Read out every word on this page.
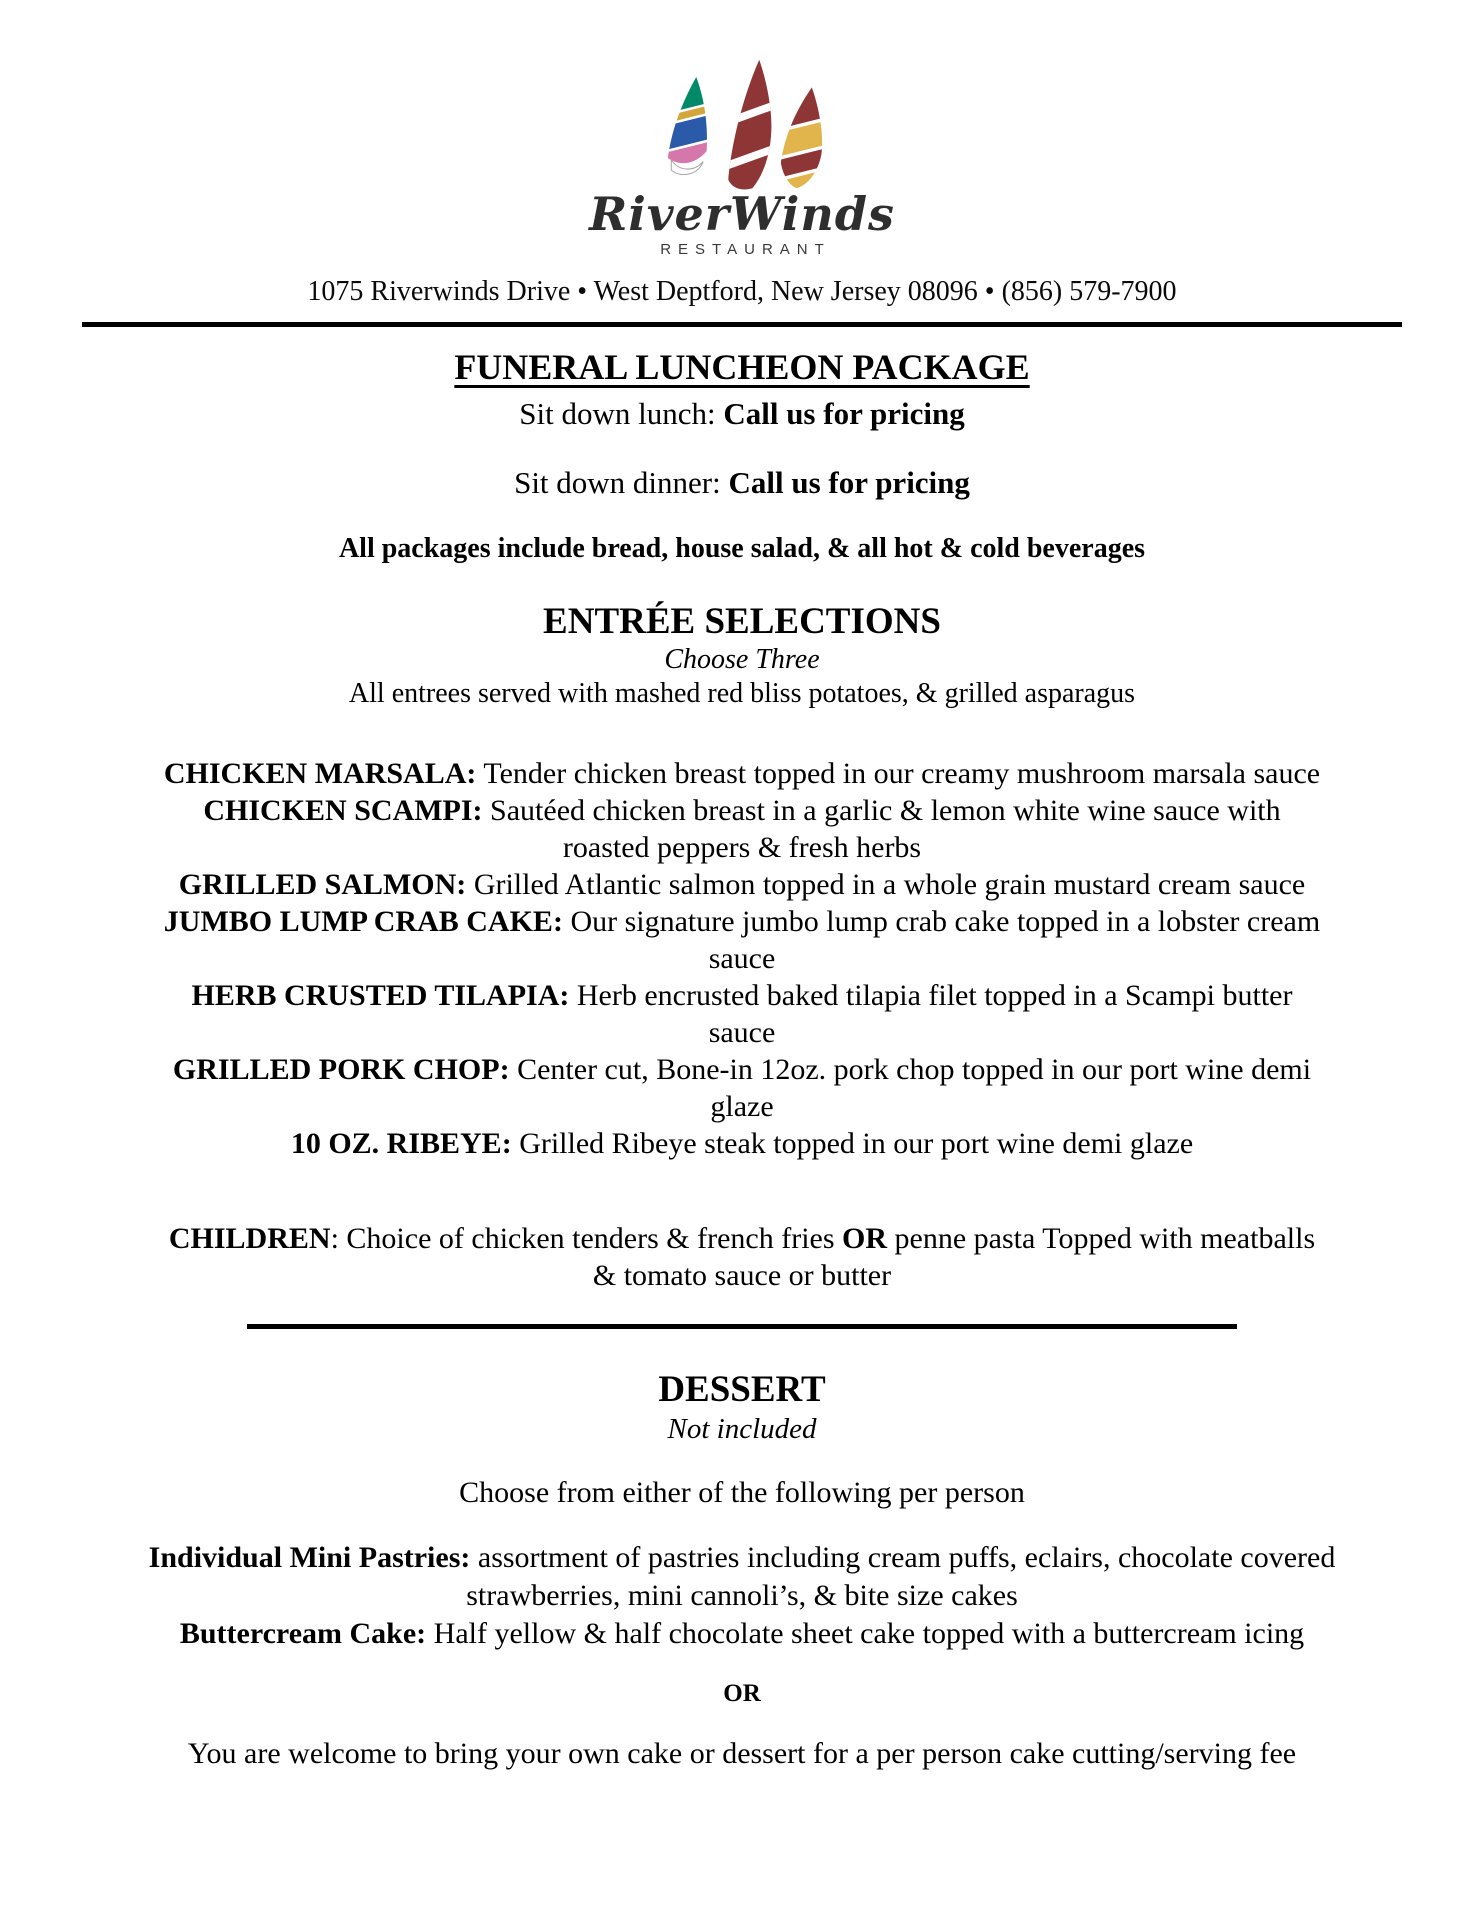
RiverWinds
RESTAURANT
1075 Riverwinds Drive • West Deptford, New Jersey 08096 • (856) 579-7900
FUNERAL LUNCHEON PACKAGE

Sit down lunch: Call us for pricing

Sit down dinner: Call us for pricing

All packages include bread, house salad, & all hot & cold beverages
ENTRÉE SELECTIONS
Choose Three
All entrees served with mashed red bliss potatoes, & grilled asparagus

CHICKEN MARSALA: Tender chicken breast topped in our creamy mushroom marsala sauce

CHICKEN SCAMPI: Sautéed chicken breast in a garlic & lemon white wine sauce with roasted peppers & fresh herbs

GRILLED SALMON: Grilled Atlantic salmon topped in a whole grain mustard cream sauce

JUMBO LUMP CRAB CAKE: Our signature jumbo lump crab cake topped in a lobster cream sauce

HERB CRUSTED TILAPIA: Herb encrusted baked tilapia filet topped in a Scampi butter sauce

GRILLED PORK CHOP: Center cut, Bone-in 12oz. pork chop topped in our port wine demi glaze

10 OZ. RIBEYE: Grilled Ribeye steak topped in our port wine demi glaze

CHILDREN: Choice of chicken tenders & french fries OR penne pasta Topped with meatballs & tomato sauce or butter

DESSERT
Not included
Choose from either of the following per person

Individual Mini Pastries: assortment of pastries including cream puffs, eclairs, chocolate covered strawberries, mini cannoli’s, & bite size cakes

Buttercream Cake: Half yellow & half chocolate sheet cake topped with a buttercream icing

OR

You are welcome to bring your own cake or dessert for a per person cake cutting/serving fee
